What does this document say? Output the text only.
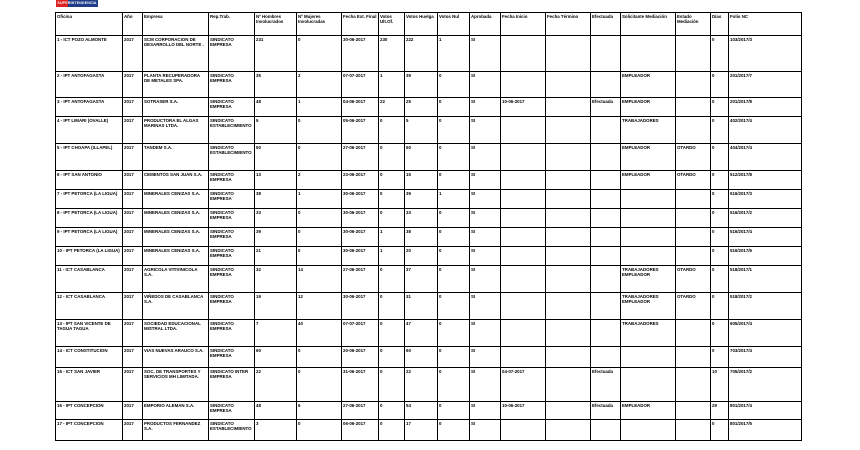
SUPERINTENDENCIA
Oficina	Año	Empresa	Rep.Trab.	Nº Hombres Involucrados	Nº Mujeres Involucradas	Fecha Ext. Final	Votos Ult.Of.	Votos Huelga	Votos Nul	Aprobada	Fecha Inicio	Fecha Término	Efectuada	Solicitante Mediación	Estado Mediación	Días	Folio NC
1 - ICT POZO ALMONTE	2017	SCM CORPORACION DE DESARROLLO DEL NORTE .	SINDICATO EMPRESA	231	0	30-06-2017	230	222	1	SI						0	103/2017/3
2 - IPT ANTOFAGASTA	2017	PLANTA RECUPERADORA DE METALES SPA.	SINDICATO EMPRESA	35	2	07-07-2017	1	39	0	SI				EMPLEADOR		0	201/2017/7
3 - IPT ANTOFAGASTA	2017	SOTRASER S.A.	SINDICATO EMPRESA	48	1	04-06-2017	22	25	0	SI	10-06-2017		Efectuada	EMPLEADOR		0	201/2017/8
4 - IPT LIMARI (OVALLE)	2017	PRODUCTORA EL ALGAS MARINAS LTDA.	SINDICATO ESTABLECIMIENTO	5	0	05-06-2017	0	5	0	SI				TRABAJADORES		0	402/2017/4
5 - IPT CHOAPA (ILLAPEL)	2017	TANDEM S.A.	SINDICATO ESTABLECIMIENTO	50	0	27-06-2017	0	50	0	SI				EMPLEADOR	OTARDO	0	404/2017/4
6 - IPT SAN ANTONIO	2017	CEMENTOS SAN JUAN S.A.	SINDICATO EMPRESA	13	2	23-06-2017	0	15	0	SI				EMPLEADOR	OTARDO	0	512/2017/8
7 - IPT PETORCA (LA LIGUA)	2017	MINERALES CENIZAS S.A.	SINDICATO EMPRESA	38	1	30-06-2017	0	39	1	SI						0	516/2017/3
8 - IPT PETORCA (LA LIGUA)	2017	MINERALES CENIZAS S.A.	SINDICATO EMPRESA	33	0	30-06-2017	0	33	0	SI						0	516/2017/2
9 - IPT PETORCA (LA LIGUA)	2017	MINERALES CENIZAS S.A.	SINDICATO EMPRESA	39	0	30-06-2017	1	38	0	SI						0	516/2017/4
10 - IPT PETORCA (LA LIGUA)	2017	MINERALES CENIZAS S.A.	SINDICATO EMPRESA	21	0	30-06-2017	1	20	0	SI						0	516/2017/6
11 - ICT CASABLANCA	2017	AGRICOLA VITIVINICOLA S.A.	SINDICATO EMPRESA	32	14	27-06-2017	0	37	0	SI				TRABAJADORES EMPLEADOR	OTARDO	0	518/2017/1
12 - ICT CASABLANCA	2017	VIÑEDOS DE CASABLANCA S.A.	SINDICATO EMPRESA	19	12	30-06-2017	0	31	0	SI				TRABAJADORES EMPLEADOR	OTARDO	0	518/2017/2
13 - IPT SAN VICENTE DE TAGUA TAGUA	2017	SOCIEDAD EDUCACIONAL MISTRAL LTDA.	SINDICATO EMPRESA	7	40	07-07-2017	0	47	0	SI				TRABAJADORES		0	605/2017/4
14 - ICT CONSTITUCION	2017	VIAS NUEVAS ARAUCO S.A.	SINDICATO EMPRESA	60	0	20-06-2017	0	60	0	SI						0	703/2017/4
15 - ICT SAN JAVIER	2017	SOC. DE TRANSPORTES Y SERVICIOS MH LIMITADA.	SINDICATO INTER EMPRESA	22	0	31-06-2017	0	22	0	SI	04-07-2017		Efectuada			10	705/2017/2
16 - IPT CONCEPCION	2017	EMPORIO ALEMAN S.A.	SINDICATO EMPRESA	48	6	27-06-2017	0	54	0	SI	10-06-2017		Efectuada	EMPLEADOR		29	801/2017/4
17 - IPT CONCEPCION	2017	PRODUCTOS FERNANDEZ S.A.	SINDICATO ESTABLECIMIENTO	3	0	06-06-2017	0	17	0	SI						0	801/2017/5
